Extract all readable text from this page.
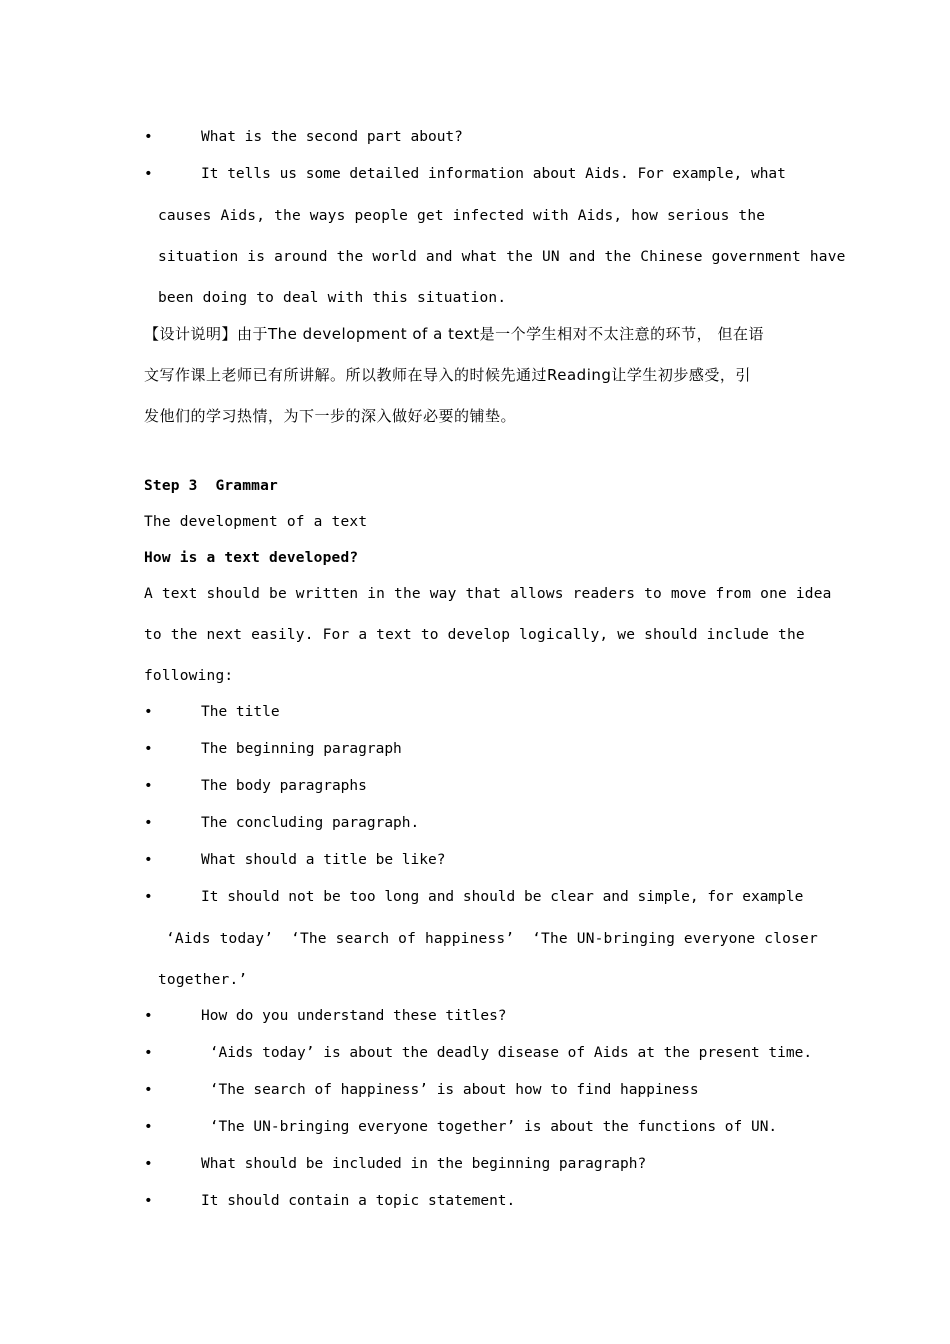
•	What is the second part about?
•	It tells us some detailed information about Aids. For example, what
causes Aids, the ways people get infected with Aids, how serious the
situation is around the world and what the UN and the Chinese government have
been doing to deal with this situation.
【设计说明】由于The development of a text是一个学生相对不太注意的环节， 但在语
文写作课上老师已有所讲解。所以教师在导入的时候先通过Reading让学生初步感受，引
发他们的学习热情，为下一步的深入做好必要的铺垫。
Step 3  Grammar
The development of a text
How is a text developed?
A text should be written in the way that allows readers to move from one idea
to the next easily. For a text to develop logically, we should include the
following:
•	The title
•	The beginning paragraph
•	The body paragraphs
•	The concluding paragraph.
•	What should a title be like?
•	It should not be too long and should be clear and simple, for example
‘Aids today’  ‘The search of happiness’  ‘The UN-bringing everyone closer
together.’
•	How do you understand these titles?
•	‘Aids today’ is about the deadly disease of Aids at the present time.
•	‘The search of happiness’ is about how to find happiness
•	‘The UN-bringing everyone together’ is about the functions of UN.
•	What should be included in the beginning paragraph?
•	It should contain a topic statement.
